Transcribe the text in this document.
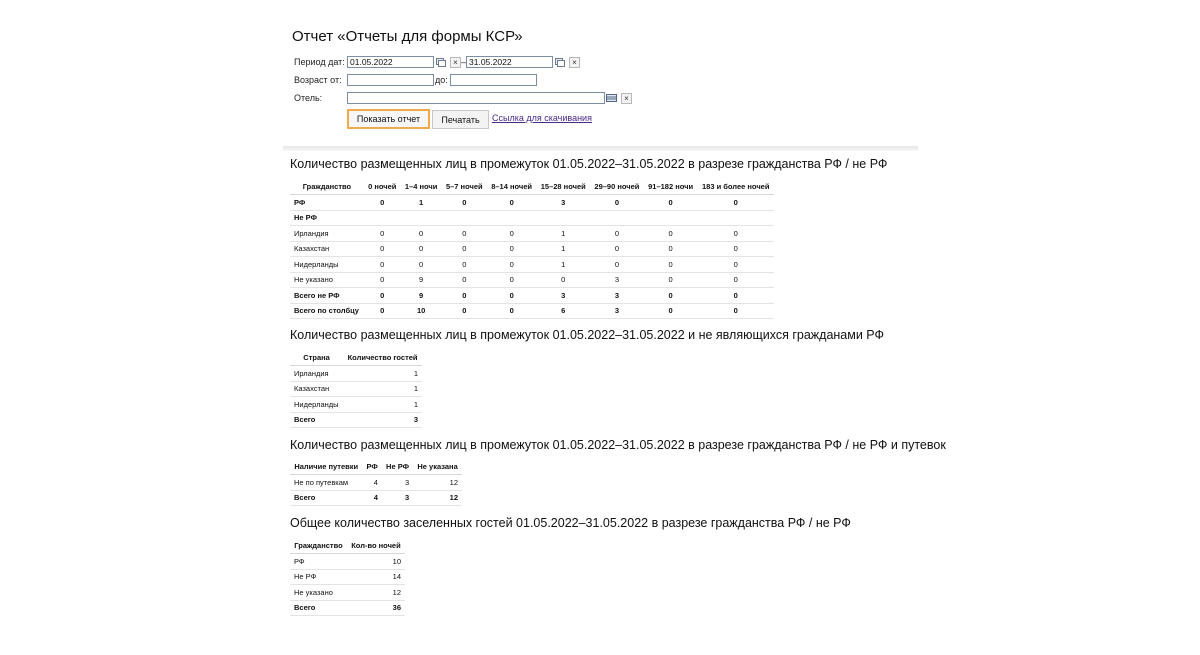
Отчет «Отчеты для формы КСР»
Период дат: 01.05.2022	× – 31.05.2022	×
Возраст от:	до:
Отель:	×
Показать отчет	Печатать	Ссылка для скачивания
Количество размещенных лиц в промежуток 01.05.2022–31.05.2022 в разрезе гражданства РФ / не РФ
Гражданство	0 ночей	1–4 ночи	5–7 ночей	8–14 ночей	15–28 ночей	29–90 ночей	91–182 ночи	183 и более ночей
РФ	0	1	0	0	3	0	0	0
Не РФ								
Ирландия	0	0	0	0	1	0	0	0
Казахстан	0	0	0	0	1	0	0	0
Нидерланды	0	0	0	0	1	0	0	0
Не указано	0	9	0	0	0	3	0	0
Всего не РФ	0	9	0	0	3	3	0	0
Всего по столбцу	0	10	0	0	6	3	0	0
Количество размещенных лиц в промежуток 01.05.2022–31.05.2022 и не являющихся гражданами РФ
Страна	Количество гостей
Ирландия	1
Казахстан	1
Нидерланды	1
Всего	3
Количество размещенных лиц в промежуток 01.05.2022–31.05.2022 в разрезе гражданства РФ / не РФ и путевок
Наличие путевки	РФ	Не РФ	Не указана
Не по путевкам	4	3	12
Всего	4	3	12
Общее количество заселенных гостей 01.05.2022–31.05.2022 в разрезе гражданства РФ / не РФ
Гражданство	Кол-во ночей
РФ	10
Не РФ	14
Не указано	12
Всего	36
